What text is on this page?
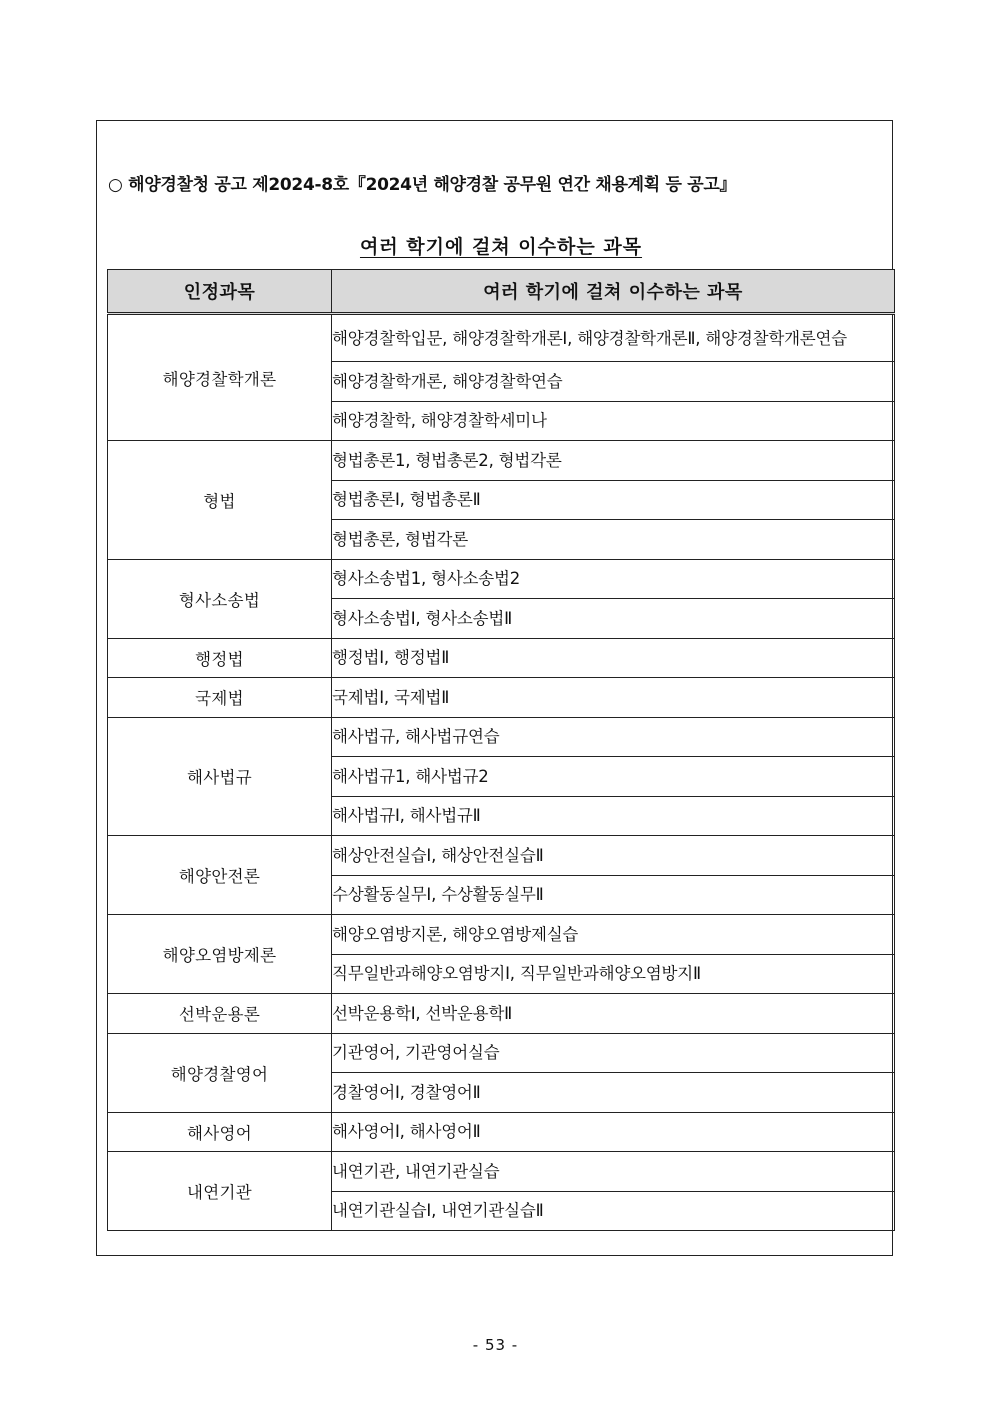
○ 해양경찰청 공고 제2024-8호『2024년 해양경찰 공무원 연간 채용계획 등 공고』
여러 학기에 걸쳐 이수하는 과목
인정과목	여러 학기에 걸쳐 이수하는 과목
해양경찰학개론	해양경찰학입문, 해양경찰학개론Ⅰ, 해양경찰학개론Ⅱ, 해양경찰학개론연습
	해양경찰학개론, 해양경찰학연습
	해양경찰학, 해양경찰학세미나
형법	형법총론1, 형법총론2, 형법각론
	형법총론Ⅰ, 형법총론Ⅱ
	형법총론, 형법각론
형사소송법	형사소송법1, 형사소송법2
	형사소송법Ⅰ, 형사소송법Ⅱ
행정법	행정법Ⅰ, 행정법Ⅱ
국제법	국제법Ⅰ, 국제법Ⅱ
해사법규	해사법규, 해사법규연습
	해사법규1, 해사법규2
	해사법규Ⅰ, 해사법규Ⅱ
해양안전론	해상안전실습Ⅰ, 해상안전실습Ⅱ
	수상활동실무Ⅰ, 수상활동실무Ⅱ
해양오염방제론	해양오염방지론, 해양오염방제실습
	직무일반과해양오염방지Ⅰ, 직무일반과해양오염방지Ⅱ
선박운용론	선박운용학Ⅰ, 선박운용학Ⅱ
해양경찰영어	기관영어, 기관영어실습
	경찰영어Ⅰ, 경찰영어Ⅱ
해사영어	해사영어Ⅰ, 해사영어Ⅱ
내연기관	내연기관, 내연기관실습
	내연기관실습Ⅰ, 내연기관실습Ⅱ
- 53 -
